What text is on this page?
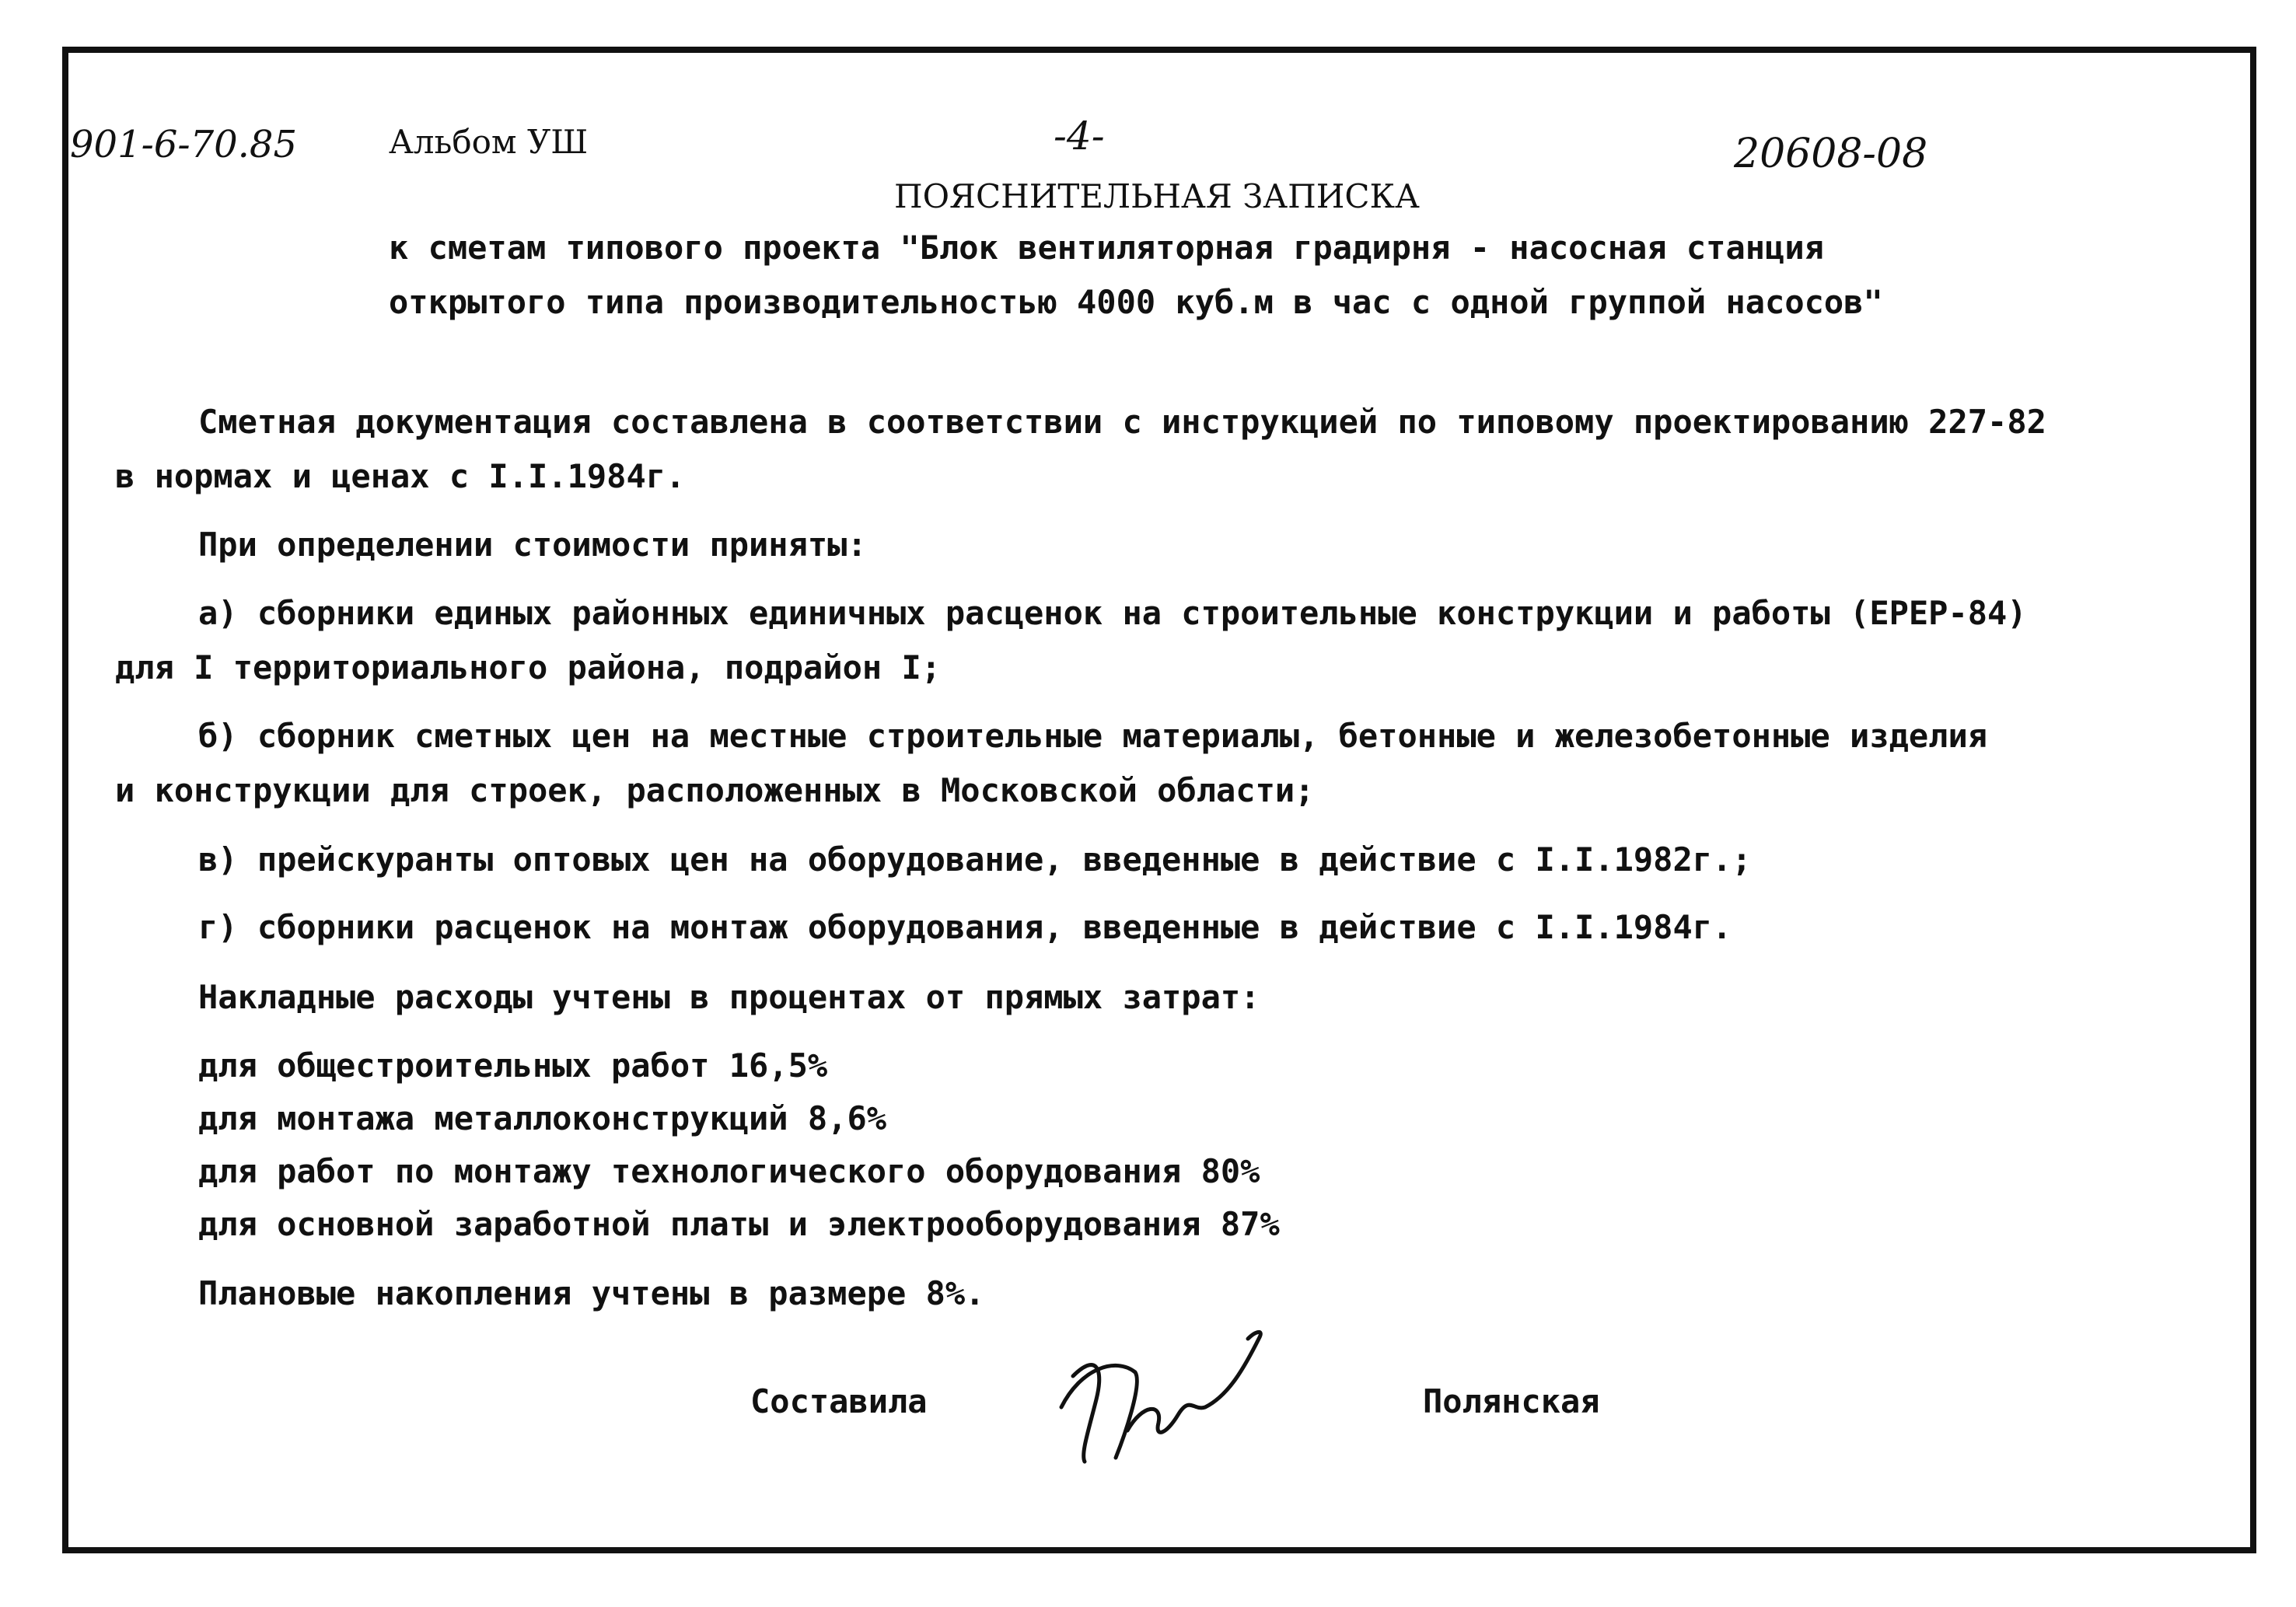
901-6-70.85	Альбом УШ	-4-	20608-08
ПОЯСНИТЕЛЬНАЯ ЗАПИСКА
к сметам типового проекта "Блок вентиляторная градирня - насосная станция
открытого типа производительностью 4000 куб.м в час с одной группой насосов"
Сметная документация составлена в соответствии с инструкцией по типовому проектированию 227-82
в нормах и ценах с I.I.1984г.
При определении стоимости приняты:
а) сборники единых районных единичных расценок на строительные конструкции и работы (ЕРЕР-84)
для I территориального района, подрайон I;
б) сборник сметных цен на местные строительные материалы, бетонные и железобетонные изделия
и конструкции для строек, расположенных в Московской области;
в) прейскуранты оптовых цен на оборудование, введенные в действие с I.I.1982г.;
г) сборники расценок на монтаж оборудования, введенные в действие с I.I.1984г.
Накладные расходы учтены в процентах от прямых затрат:
для общестроительных работ 16,5%
для монтажа металлоконструкций 8,6%
для работ по монтажу технологического оборудования 80%
для основной заработной платы и электрооборудования 87%
Плановые накопления учтены в размере 8%.
Составила	Полянская
